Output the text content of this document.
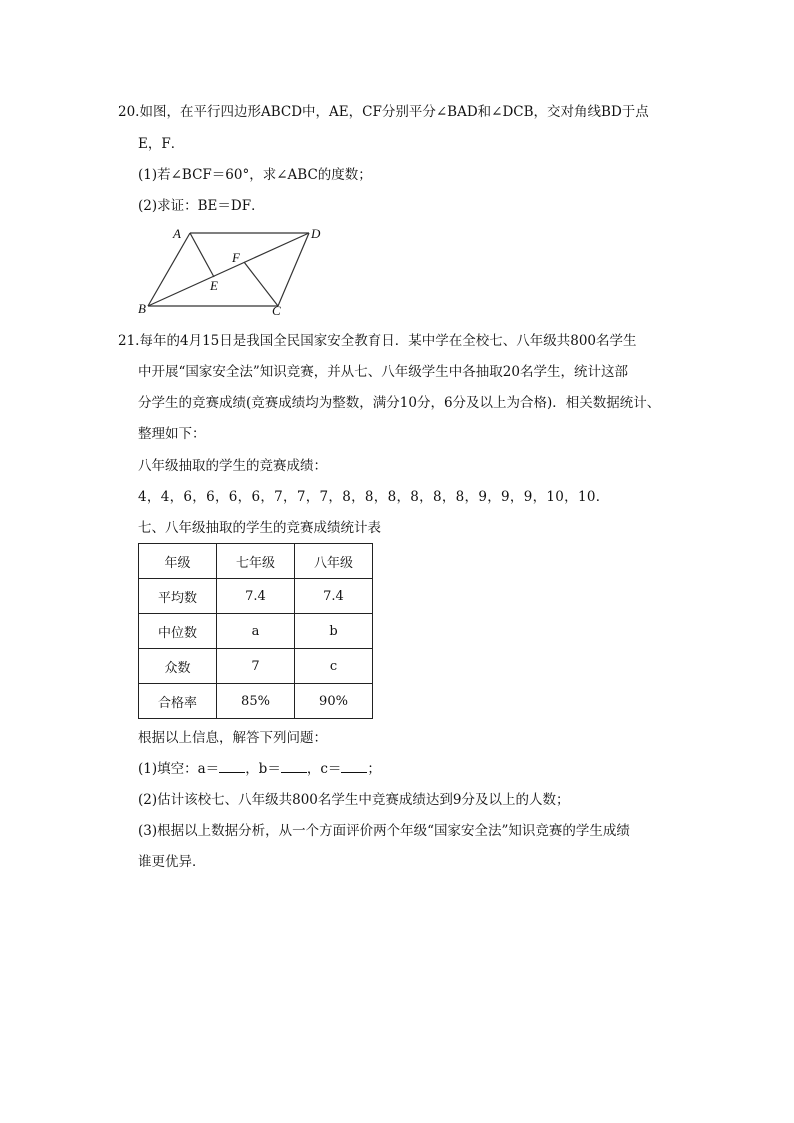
20.如图，在平行四边形ABCD中，AE，CF分别平分∠BAD和∠DCB，交对角线BD于点
E，F．
(1)若∠BCF＝60°，求∠ABC的度数；
(2)求证：BE＝DF．
A	D
B	C
E
F
21.每年的4月15日是我国全民国家安全教育日．某中学在全校七、八年级共800名学生
中开展“国家安全法”知识竞赛，并从七、八年级学生中各抽取20名学生，统计这部
分学生的竞赛成绩(竞赛成绩均为整数，满分10分，6分及以上为合格)．相关数据统计、
整理如下：
八年级抽取的学生的竞赛成绩：
4，4，6，6，6，6，7，7，7，8，8，8，8，8，8，9，9，9，10，10．
七、八年级抽取的学生的竞赛成绩统计表
年级	七年级	八年级
平均数	7.4	7.4
中位数	a	b
众数	7	c
合格率	85%	90%
根据以上信息，解答下列问题：
(1)填空：a＝ ，b＝ ，c＝ ；
(2)估计该校七、八年级共800名学生中竞赛成绩达到9分及以上的人数；
(3)根据以上数据分析，从一个方面评价两个年级“国家安全法”知识竞赛的学生成绩
谁更优异．
